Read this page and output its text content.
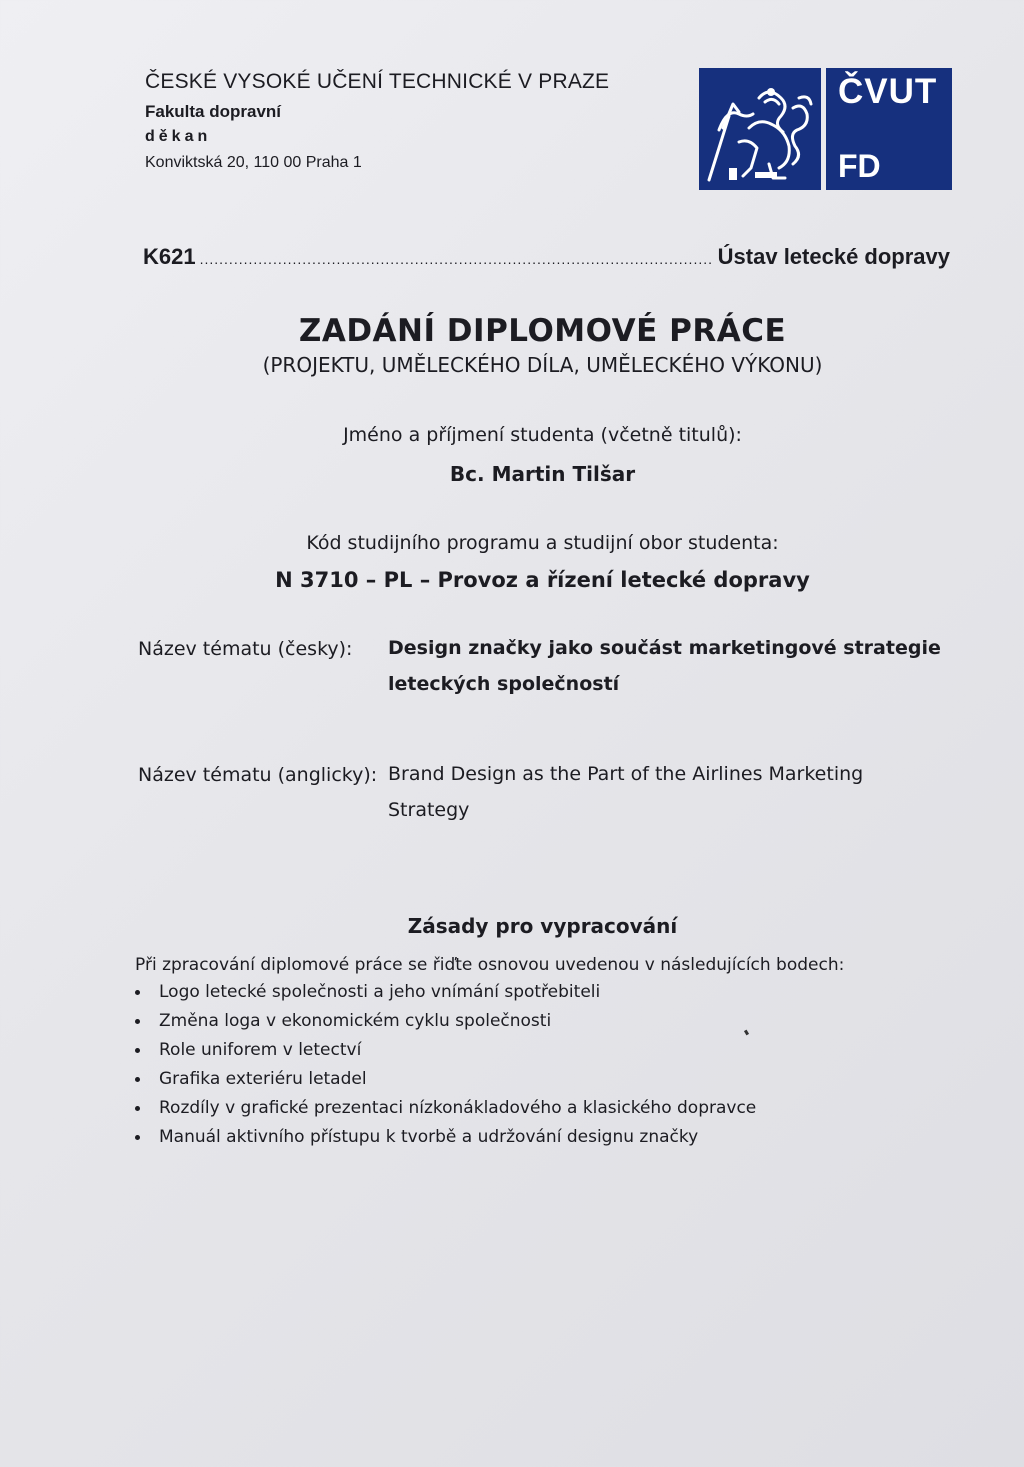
ČESKÉ VYSOKÉ UČENÍ TECHNICKÉ V PRAZE
Fakulta dopravní
děkan
Konviktská 20, 110 00 Praha 1
ČVUT
FD
K621
.....	Ústav letecké dopravy
ZADÁNÍ DIPLOMOVÉ PRÁCE
(PROJEKTU, UMĚLECKÉHO DÍLA, UMĚLECKÉHO VÝKONU)
Jméno a příjmení studenta (včetně titulů):
Bc. Martin Tilšar
Kód studijního programu a studijní obor studenta:
N 3710 – PL – Provoz a řízení letecké dopravy
Název tématu (česky): Design značky jako součást marketingové strategie
leteckých společností
Název tématu (anglicky): Brand Design as the Part of the Airlines Marketing
Strategy
Zásady pro vypracování
Při zpracování diplomové práce se řiďte osnovou uvedenou v následujících bodech:
Logo letecké společnosti a jeho vnímání spotřebiteli
Změna loga v ekonomickém cyklu společnosti
Role uniforem v letectví
Grafika exteriéru letadel
Rozdíly v grafické prezentaci nízkonákladového a klasického dopravce
Manuál aktivního přístupu k tvorbě a udržování designu značky
